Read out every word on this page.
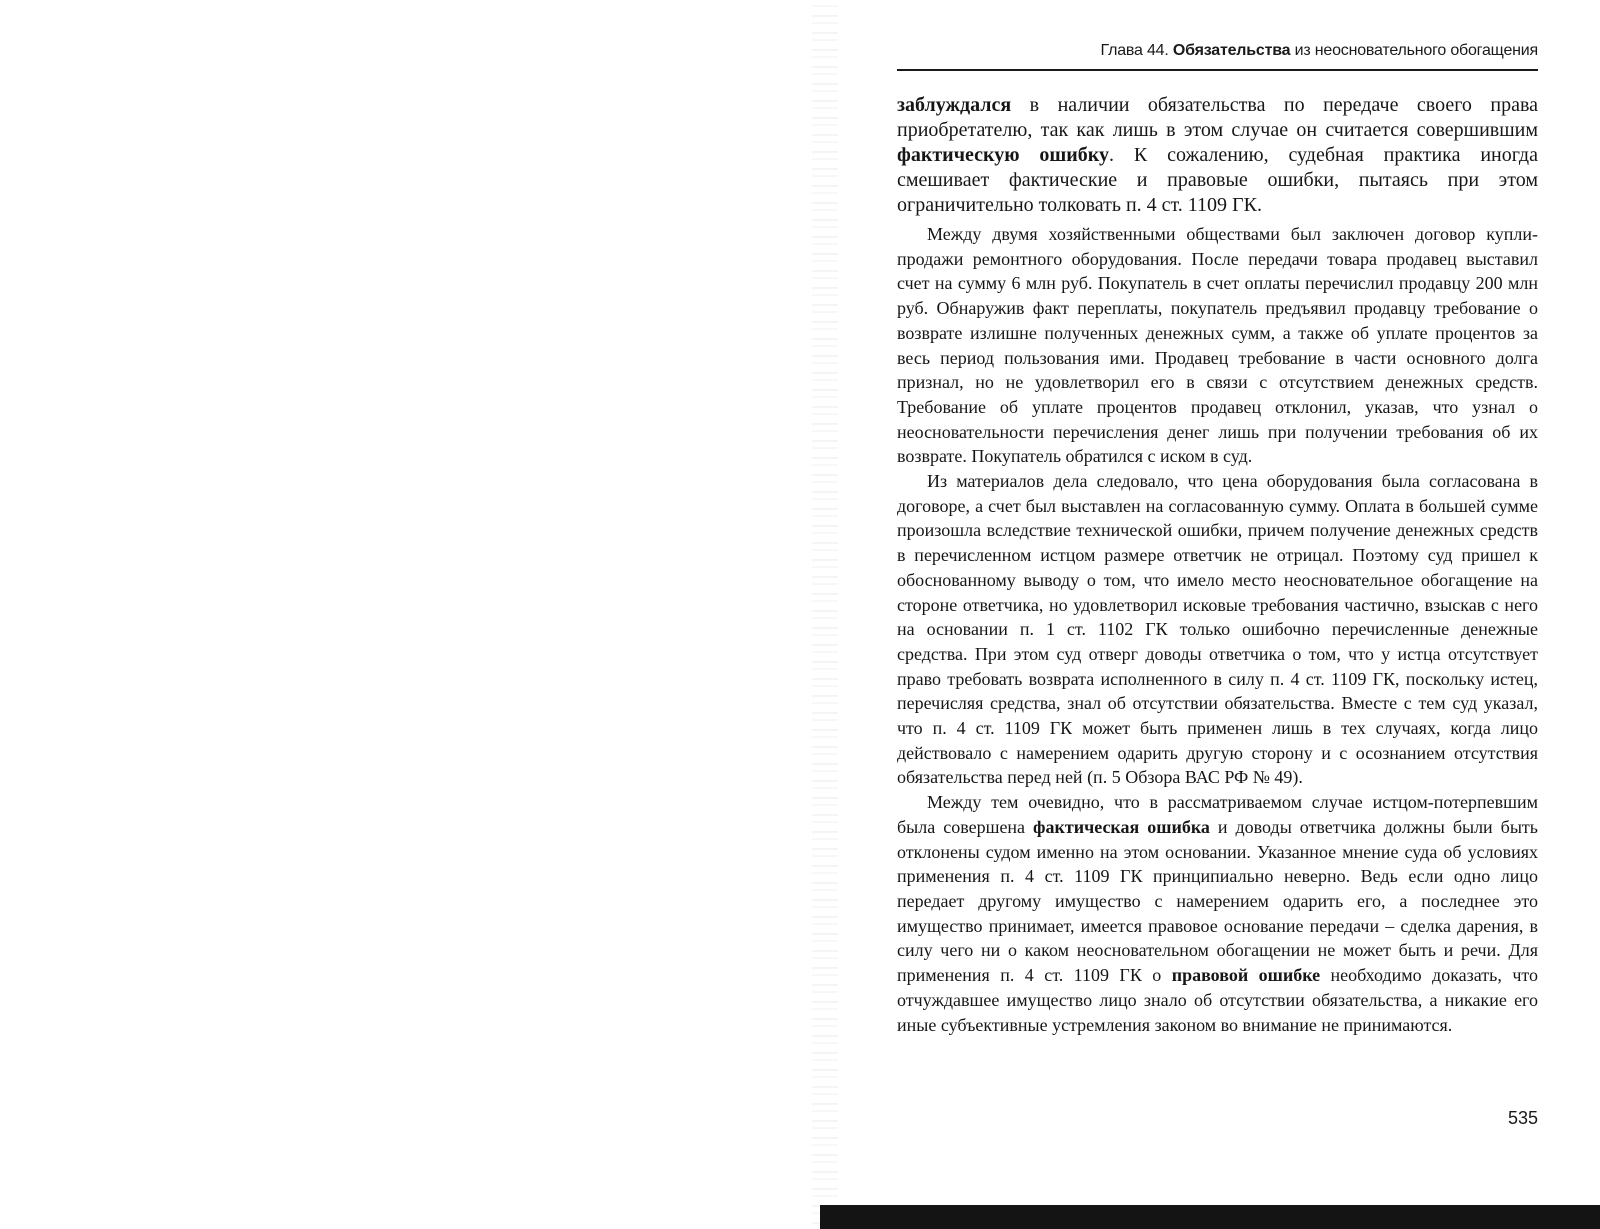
Глава 44. Обязательства из неосновательного обогащения

заблуждался в наличии обязательства по передаче своего права приобретателю, так как лишь в этом случае он считается совершившим фактическую ошибку. К сожалению, судебная практика иногда смешивает фактические и правовые ошибки, пытаясь при этом ограничительно толковать п. 4 ст. 1109 ГК.

Между двумя хозяйственными обществами был заключен договор купли-продажи ремонтного оборудования. После передачи товара продавец выставил счет на сумму 6 млн руб. Покупатель в счет оплаты перечислил продавцу 200 млн руб. Обнаружив факт переплаты, покупатель предъявил продавцу требование о возврате излишне полученных денежных сумм, а также об уплате процентов за весь период пользования ими. Продавец требование в части основного долга признал, но не удовлетворил его в связи с отсутствием денежных средств. Требование об уплате процентов продавец отклонил, указав, что узнал о неосновательности перечисления денег лишь при получении требования об их возврате. Покупатель обратился с иском в суд.

Из материалов дела следовало, что цена оборудования была согласована в договоре, а счет был выставлен на согласованную сумму. Оплата в большей сумме произошла вследствие технической ошибки, причем получение денежных средств в перечисленном истцом размере ответчик не отрицал. Поэтому суд пришел к обоснованному выводу о том, что имело место неосновательное обогащение на стороне ответчика, но удовлетворил исковые требования частично, взыскав с него на основании п. 1 ст. 1102 ГК только ошибочно перечисленные денежные средства. При этом суд отверг доводы ответчика о том, что у истца отсутствует право требовать возврата исполненного в силу п. 4 ст. 1109 ГК, поскольку истец, перечисляя средства, знал об отсутствии обязательства. Вместе с тем суд указал, что п. 4 ст. 1109 ГК может быть применен лишь в тех случаях, когда лицо действовало с намерением одарить другую сторону и с осознанием отсутствия обязательства перед ней (п. 5 Обзора ВАС РФ № 49).

Между тем очевидно, что в рассматриваемом случае истцом-потерпевшим была совершена фактическая ошибка и доводы ответчика должны были быть отклонены судом именно на этом основании. Указанное мнение суда об условиях применения п. 4 ст. 1109 ГК принципиально неверно. Ведь если одно лицо передает другому имущество с намерением одарить его, а последнее это имущество принимает, имеется правовое основание передачи – сделка дарения, в силу чего ни о каком неосновательном обогащении не может быть и речи. Для применения п. 4 ст. 1109 ГК о правовой ошибке необходимо доказать, что отчуждавшее имущество лицо знало об отсутствии обязательства, а никакие его иные субъективные устремления законом во внимание не принимаются.

535
